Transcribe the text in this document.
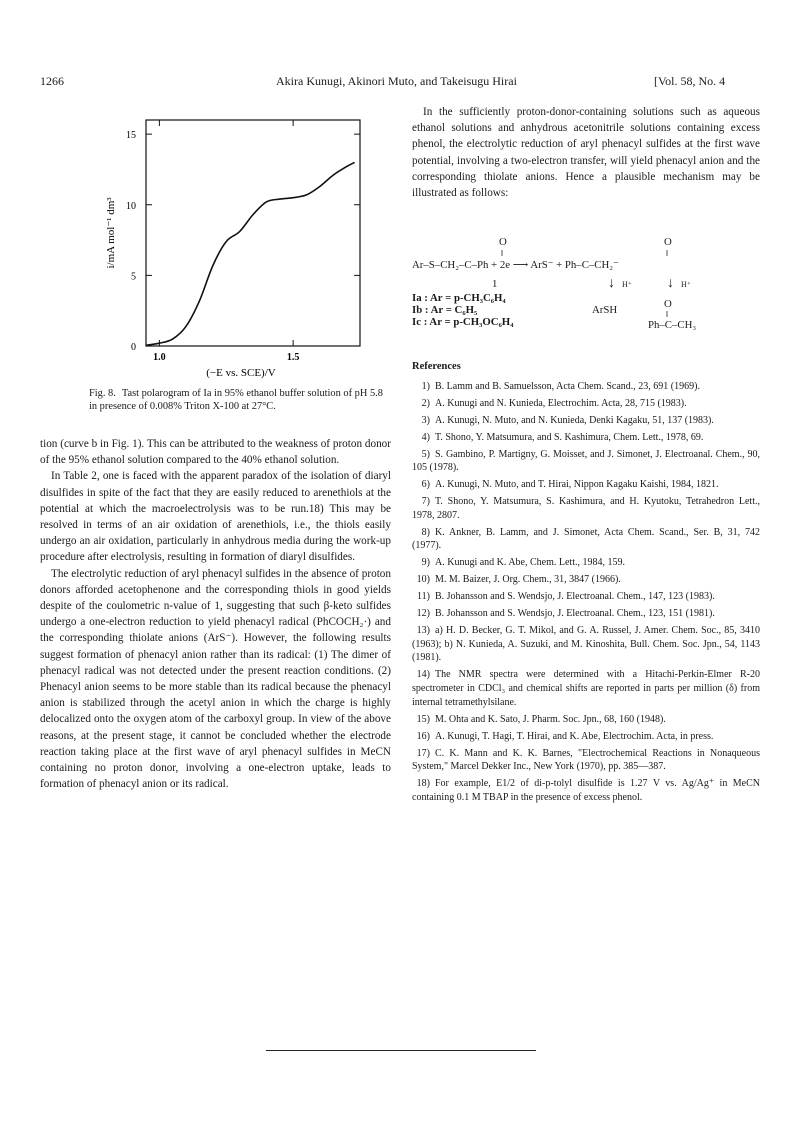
1266	Akira Kunugi, Akinori Muto, and Takeisugu Hirai	[Vol. 58, No. 4
0
5
10
15
1.0	1.5
i/mA mol⁻¹ dm³
(−E vs. SCE)/V
Fig. 8. Tast polarogram of Ia in 95% ethanol buffer solution of pH 5.8 in presence of 0.008% Triton X-100 at 27°C.

tion (curve b in Fig. 1). This can be attributed to the weakness of proton donor of the 95% ethanol solution compared to the 40% ethanol solution.

In Table 2, one is faced with the apparent paradox of the isolation of diaryl disulfides in spite of the fact that they are easily reduced to arenethiols at the potential at which the macroelectrolysis was to be run.18) This may be resolved in terms of an air oxidation of arenethiols, i.e., the thiols easily undergo an air oxidation, particularly in anhydrous media during the work-up procedure after electrolysis, resulting in formation of diaryl disulfides.

The electrolytic reduction of aryl phenacyl sulfides in the absence of proton donors afforded acetophenone and the corresponding thiols in good yields despite of the coulometric n-value of 1, suggesting that such β-keto sulfides undergo a one-electron reduction to yield phenacyl radical (PhCOCH₂·) and the corresponding thiolate anions (ArS⁻). However, the following results suggest formation of phenacyl anion rather than its radical: (1) The dimer of phenacyl radical was not detected under the present reaction conditions. (2) Phenacyl anion seems to be more stable than its radical because the phenacyl anion is stabilized through the acetyl anion in which the charge is highly delocalized onto the oxygen atom of the carboxyl group. In view of the above reasons, at the present stage, it cannot be concluded whether the electrode reaction taking place at the first wave of aryl phenacyl sulfides in MeCN containing no proton donor, involving a one-electron uptake, leads to formation of phenacyl anion or its radical.

In the sufficiently proton-donor-containing solutions such as aqueous ethanol solutions and anhydrous acetonitrile solutions containing excess phenol, the electrolytic reduction of aryl phenacyl sulfides at the first wave potential, involving a two-electron transfer, will yield phenacyl anion and the corresponding thiolate anions. Hence a plausible mechanism may be illustrated as follows:

O	O
‖	‖
Ar–S–CH₂–C–Ph + 2e ⟶ ArS⁻ + Ph–C–CH₂⁻
1	↓ H⁺	↓ H⁺
Ia : Ar = p-CH₃C₆H₄
Ib : Ar = C₆H₅
Ic : Ar = p-CH₃OC₆H₄
ArSH	O
‖
Ph–C–CH₃
References

1) B. Lamm and B. Samuelsson, Acta Chem. Scand., 23, 691 (1969).

2) A. Kunugi and N. Kunieda, Electrochim. Acta, 28, 715 (1983).

3) A. Kunugi, N. Muto, and N. Kunieda, Denki Kagaku, 51, 137 (1983).

4) T. Shono, Y. Matsumura, and S. Kashimura, Chem. Lett., 1978, 69.

5) S. Gambino, P. Martigny, G. Moisset, and J. Simonet, J. Electroanal. Chem., 90, 105 (1978).

6) A. Kunugi, N. Muto, and T. Hirai, Nippon Kagaku Kaishi, 1984, 1821.

7) T. Shono, Y. Matsumura, S. Kashimura, and H. Kyutoku, Tetrahedron Lett., 1978, 2807.

8) K. Ankner, B. Lamm, and J. Simonet, Acta Chem. Scand., Ser. B, 31, 742 (1977).

9) A. Kunugi and K. Abe, Chem. Lett., 1984, 159.

10) M. M. Baizer, J. Org. Chem., 31, 3847 (1966).

11) B. Johansson and S. Wendsjo, J. Electroanal. Chem., 147, 123 (1983).

12) B. Johansson and S. Wendsjo, J. Electroanal. Chem., 123, 151 (1981).

13) a) H. D. Becker, G. T. Mikol, and G. A. Russel, J. Amer. Chem. Soc., 85, 3410 (1963); b) N. Kunieda, A. Suzuki, and M. Kinoshita, Bull. Chem. Soc. Jpn., 54, 1143 (1981).

14) The NMR spectra were determined with a Hitachi-Perkin-Elmer R-20 spectrometer in CDCl₃ and chemical shifts are reported in parts per million (δ) from internal tetramethylsilane.

15) M. Ohta and K. Sato, J. Pharm. Soc. Jpn., 68, 160 (1948).

16) A. Kunugi, T. Hagi, T. Hirai, and K. Abe, Electrochim. Acta, in press.

17) C. K. Mann and K. K. Barnes, "Electrochemical Reactions in Nonaqueous System," Marcel Dekker Inc., New York (1970), pp. 385—387.

18) For example, E1/2 of di-p-tolyl disulfide is 1.27 V vs. Ag/Ag⁺ in MeCN containing 0.1 M TBAP in the presence of excess phenol.
